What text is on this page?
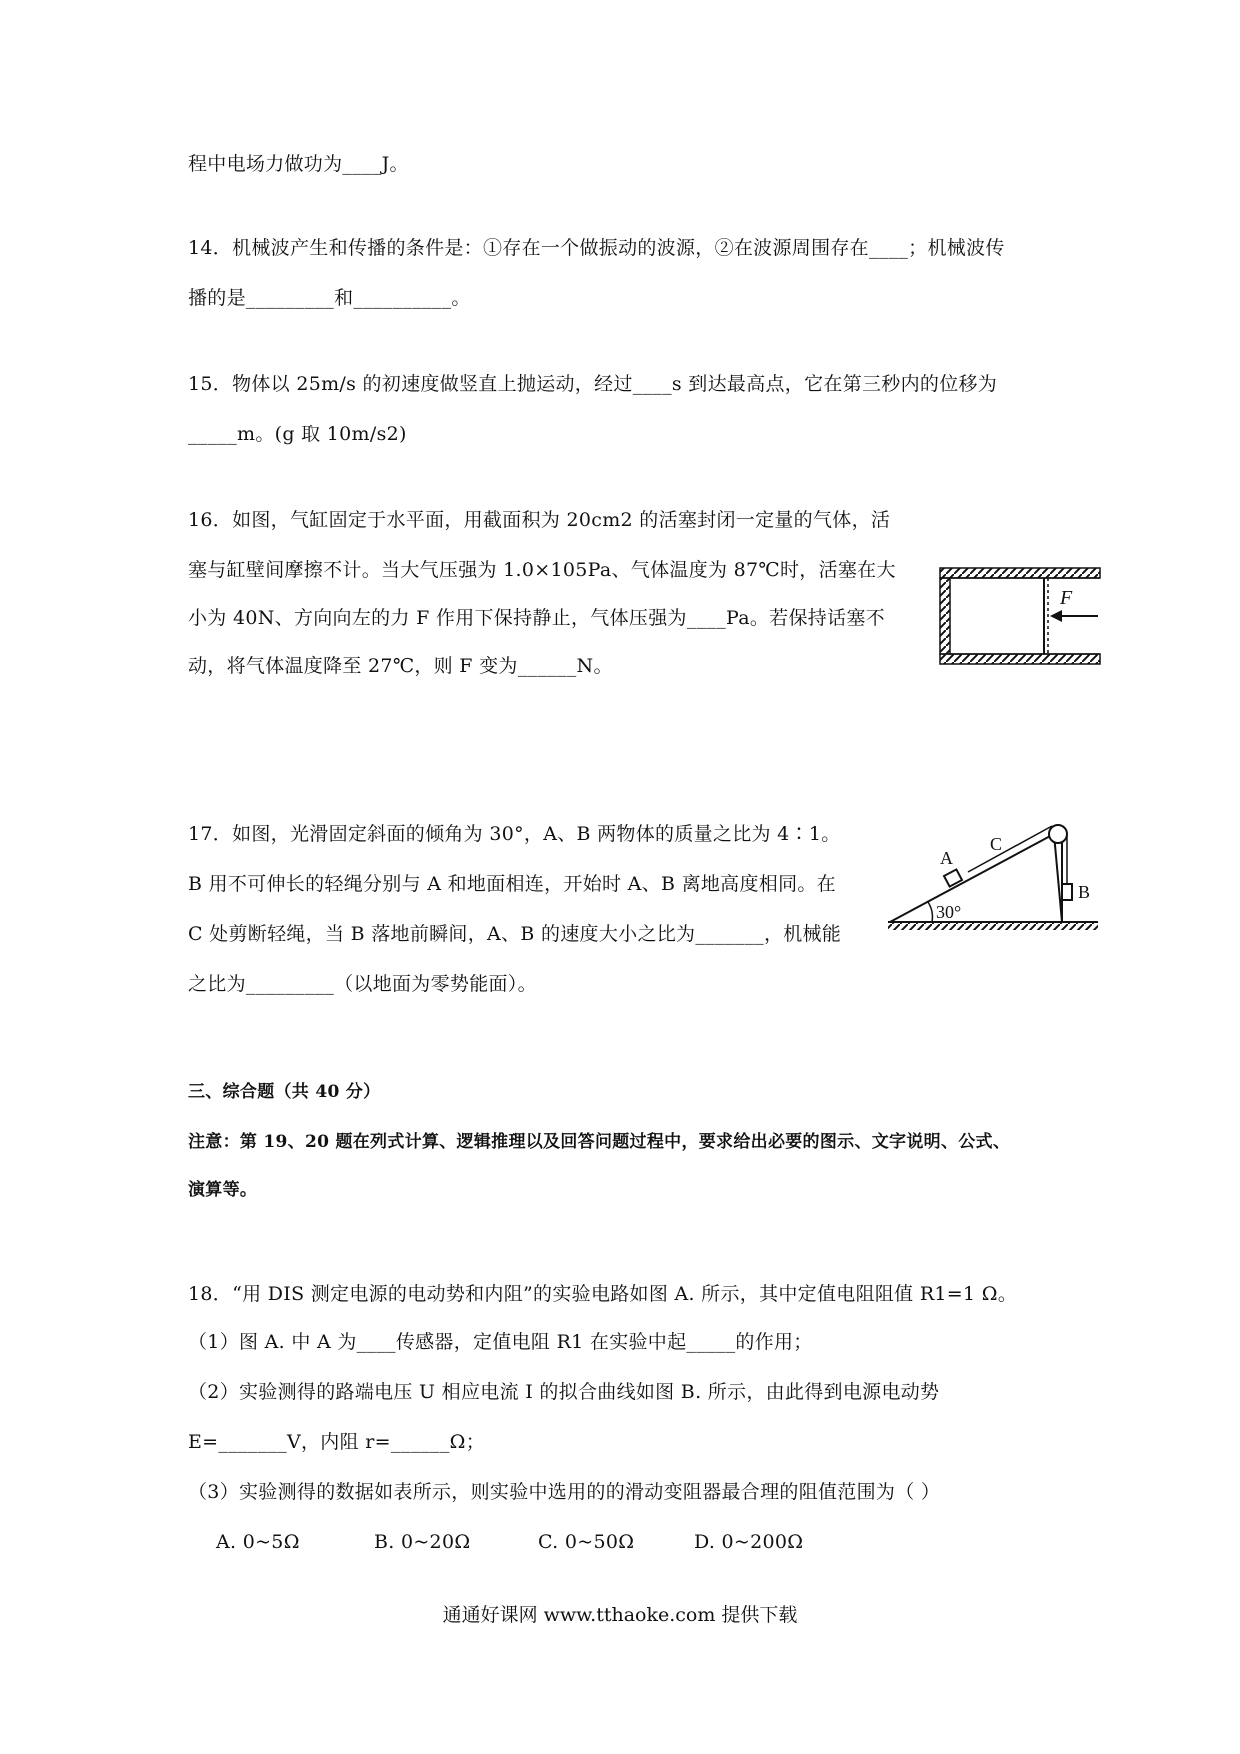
程中电场力做功为____J。
14．机械波产生和传播的条件是：①存在一个做振动的波源，②在波源周围存在____；机械波传
播的是_________和__________。
15．物体以 25m/s 的初速度做竖直上抛运动，经过____s 到达最高点，它在第三秒内的位移为
_____m。(g 取 10m/s2)
16．如图，气缸固定于水平面，用截面积为 20cm2 的活塞封闭一定量的气体，活
塞与缸壁间摩擦不计。当大气压强为 1.0×105Pa、气体温度为 87℃时，活塞在大
小为 40N、方向向左的力 F 作用下保持静止，气体压强为____Pa。若保持话塞不
动，将气体温度降至 27℃，则 F 变为______N。
F
17．如图，光滑固定斜面的倾角为 30°，A、B 两物体的质量之比为 4∶1。
B 用不可伸长的轻绳分别与 A 和地面相连，开始时 A、B 离地高度相同。在
C 处剪断轻绳，当 B 落地前瞬间，A、B 的速度大小之比为_______，机械能
之比为_________（以地面为零势能面）。
30°
A
C
B
三、综合题（共 40 分）
注意：第 19、20 题在列式计算、逻辑推理以及回答问题过程中，要求给出必要的图示、文字说明、公式、
演算等。
18．“用 DIS 测定电源的电动势和内阻”的实验电路如图 A. 所示，其中定值电阻阻值 R1=1 Ω。
（1）图 A. 中 A 为____传感器，定值电阻 R1 在实验中起_____的作用；
（2）实验测得的路端电压 U 相应电流 I 的拟合曲线如图 B. 所示，由此得到电源电动势
E=_______V，内阻 r=______Ω；
（3）实验测得的数据如表所示，则实验中选用的的滑动变阻器最合理的阻值范围为（ ）
A. 0~5Ω	B. 0~20Ω	C. 0~50Ω	D. 0~200Ω
通通好课网 www.tthaoke.com 提供下载
